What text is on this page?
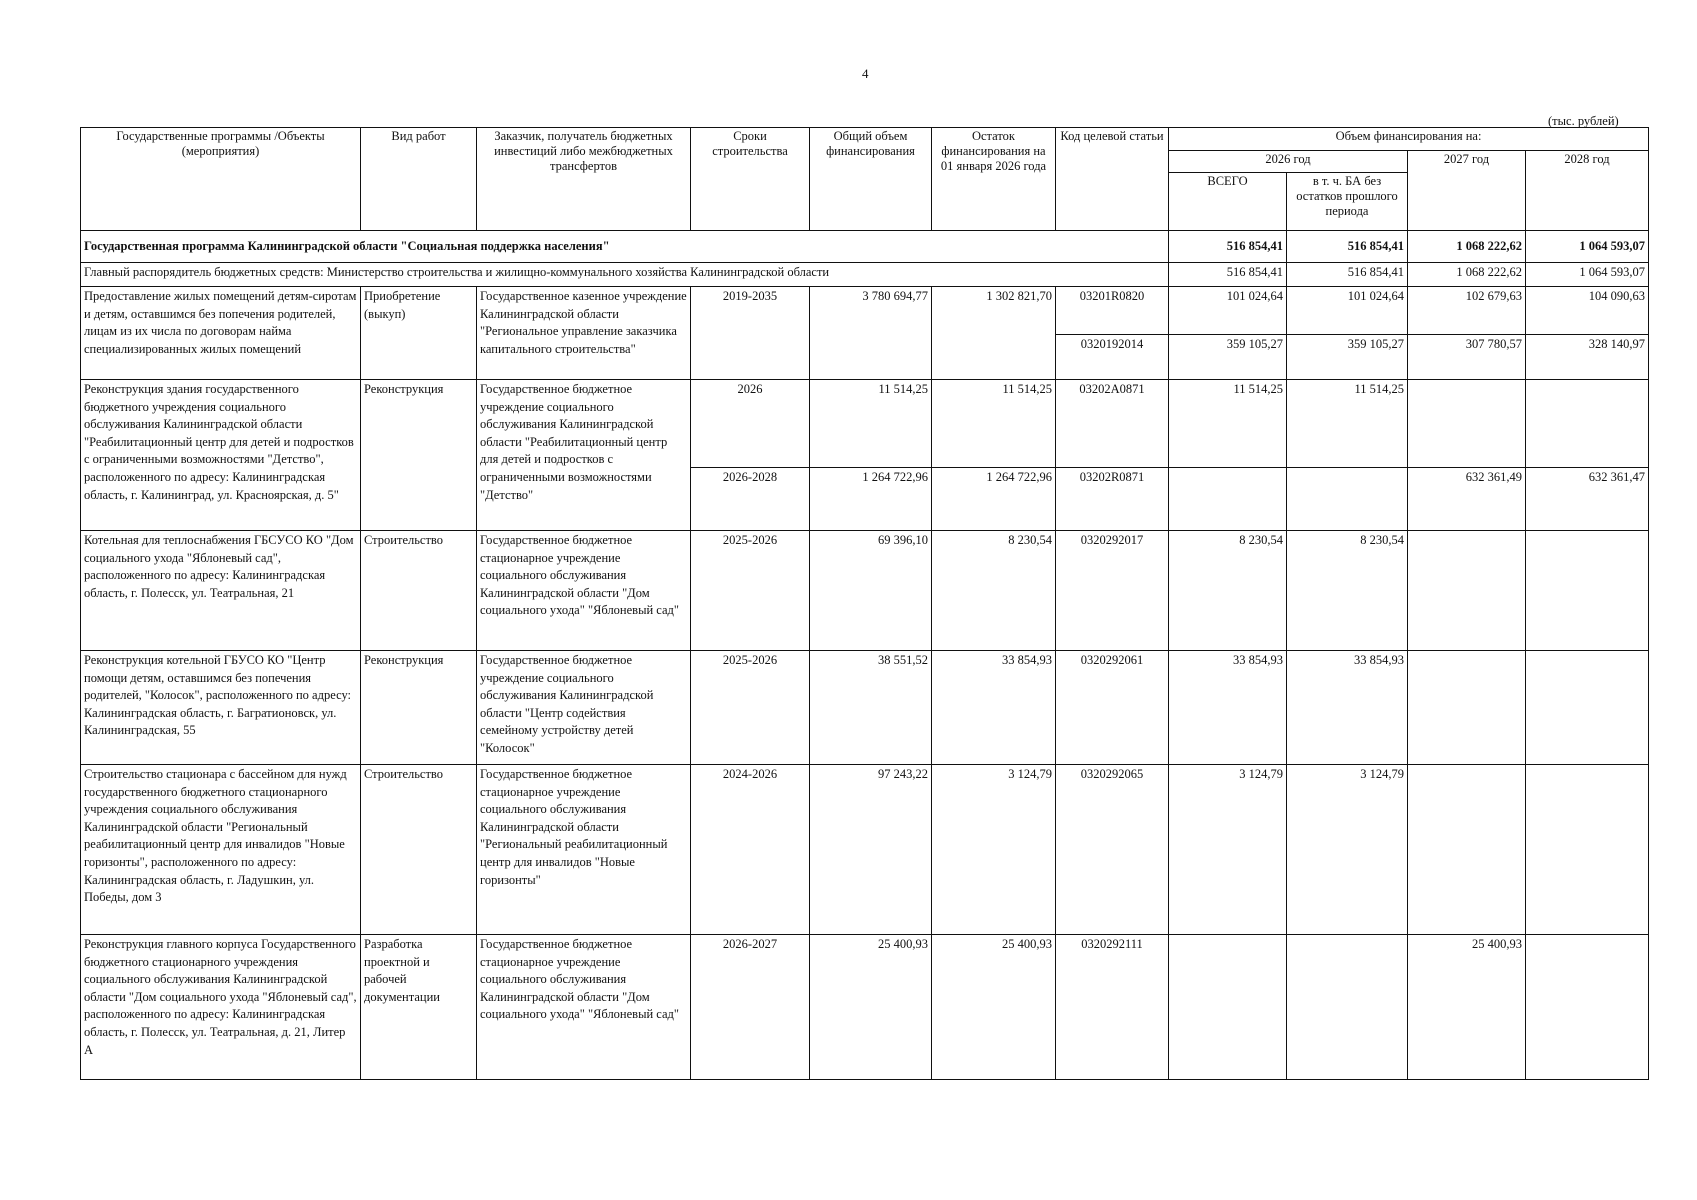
4
(тыс. рублей)
Государственные программы /Объекты (мероприятия)	Вид работ	Заказчик, получатель бюджетных инвестиций либо межбюджетных трансфертов	Сроки строительства	Общий объем финансирования	Остаток финансирования на 01 января 2026 года	Код целевой статьи	Объем финансирования на:			
							2026 год		2027 год	2028 год
							ВСЕГО	в т. ч. БА без остатков прошлого периода		
Государственная программа Калининградской области "Социальная поддержка населения"							516 854,41	516 854,41	1 068 222,62	1 064 593,07
Главный распорядитель бюджетных средств: Министерство строительства и жилищно-коммунального хозяйства Калининградской области							516 854,41	516 854,41	1 068 222,62	1 064 593,07
Предоставление жилых помещений детям-сиротам и детям, оставшимся без попечения родителей, лицам из их числа по договорам найма специализированных жилых помещений	Приобретение (выкуп)	Государственное казенное учреждение Калининградской области "Региональное управление заказчика капитального строительства"	2019-2035	3 780 694,77	1 302 821,70	03201R0820	101 024,64	101 024,64	102 679,63	104 090,63
						0320192014	359 105,27	359 105,27	307 780,57	328 140,97
Реконструкция здания государственного бюджетного учреждения социального обслуживания Калининградской области "Реабилитационный центр для детей и подростков с ограниченными возможностями "Детство", расположенного по адресу: Калининградская область, г. Калининград, ул. Красноярская, д. 5"	Реконструкция	Государственное бюджетное учреждение социального обслуживания Калининградской области "Реабилитационный центр для детей и подростков с ограниченными возможностями "Детство"	2026	11 514,25	11 514,25	03202A0871	11 514,25	11 514,25		
			2026-2028	1 264 722,96	1 264 722,96	03202R0871			632 361,49	632 361,47
Котельная для теплоснабжения ГБСУСО КО "Дом социального ухода "Яблоневый сад", расположенного по адресу: Калининградская область, г. Полесск, ул. Театральная, 21	Строительство	Государственное бюджетное стационарное учреждение социального обслуживания Калининградской области "Дом социального ухода" "Яблоневый сад"	2025-2026	69 396,10	8 230,54	0320292017	8 230,54	8 230,54		
Реконструкция котельной ГБУСО КО "Центр помощи детям, оставшимся без попечения родителей, "Колосок", расположенного по адресу: Калининградская область, г. Багратионовск, ул. Калининградская, 55	Реконструкция	Государственное бюджетное учреждение социального обслуживания Калининградской области "Центр содействия семейному устройству детей "Колосок"	2025-2026	38 551,52	33 854,93	0320292061	33 854,93	33 854,93		
Строительство стационара с бассейном для нужд государственного бюджетного стационарного учреждения социального обслуживания Калининградской области "Региональный реабилитационный центр для инвалидов "Новые горизонты", расположенного по адресу: Калининградская область, г. Ладушкин, ул. Победы, дом 3	Строительство	Государственное бюджетное стационарное учреждение социального обслуживания Калининградской области "Региональный реабилитационный центр для инвалидов "Новые горизонты"	2024-2026	97 243,22	3 124,79	0320292065	3 124,79	3 124,79		
Реконструкция главного корпуса Государственного бюджетного стационарного учреждения социального обслуживания Калининградской области "Дом социального ухода "Яблоневый сад", расположенного по адресу: Калининградская область, г. Полесск, ул. Театральная, д. 21, Литер А	Разработка проектной и рабочей документации	Государственное бюджетное стационарное учреждение социального обслуживания Калининградской области "Дом социального ухода" "Яблоневый сад"	2026-2027	25 400,93	25 400,93	0320292111			25 400,93	
